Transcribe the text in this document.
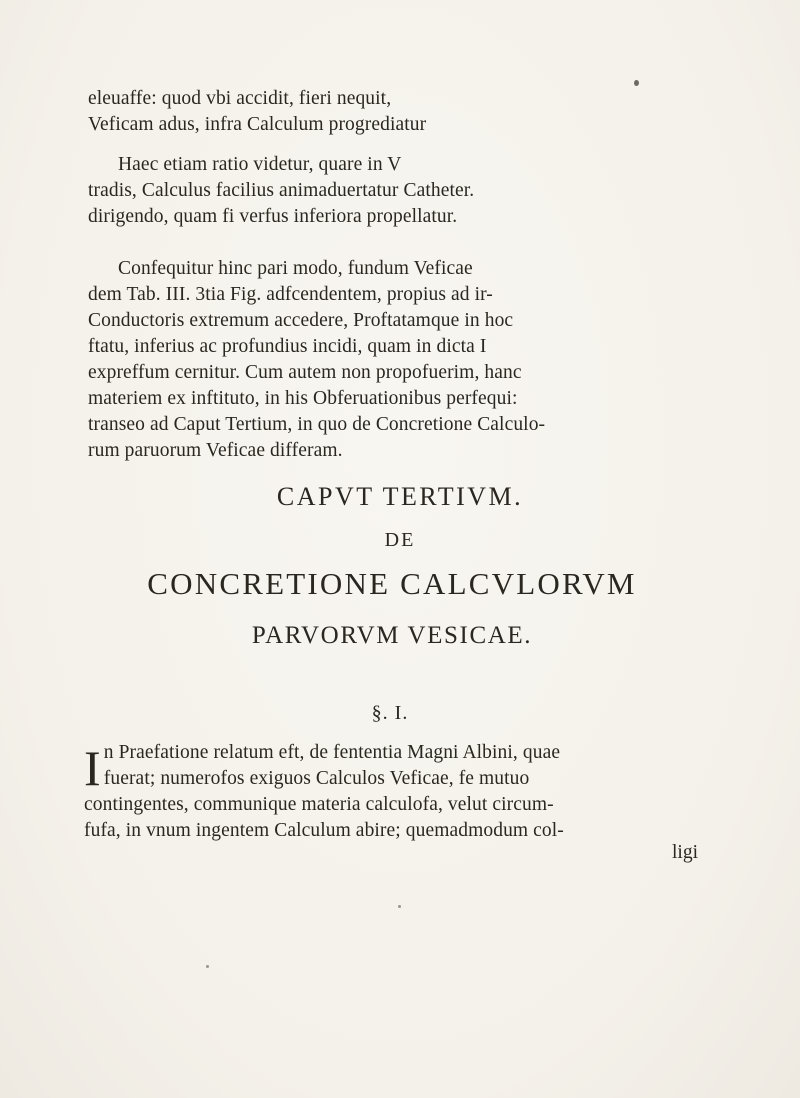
eleuaffe: quod vbi accidit, fieri nequit,
Veficam adus, infra Calculum progrediatur
Haec etiam ratio videtur, quare in V
tradis, Calculus facilius animaduertatur Catheter.
dirigendo, quam fi verfus inferiora propellatur.
Confequitur hinc pari modo, fundum Veficae
dem Tab. III. 3tia Fig. adfcendentem, propius ad ir-
Conductoris extremum accedere, Proftatamque in hoc
ftatu, inferius ac profundius incidi, quam in dicta I
expreffum cernitur. Cum autem non propofuerim, hanc
materiem ex inftituto, in his Obferuationibus perfequi:
transeo ad Caput Tertium, in quo de Concretione Calculo-
rum paruorum Veficae differam.
CAPVT TERTIVM.
DE
CONCRETIONE CALCVLORVM
PARVORVM VESICAE.
§. I.
I n Praefatione relatum eft, de fententia Magni Albini, quae
fuerat; numerofos exiguos Calculos Veficae, fe mutuo
contingentes, communique materia calculofa, velut circum-
fufa, in vnum ingentem Calculum abire; quemadmodum col-
ligi
